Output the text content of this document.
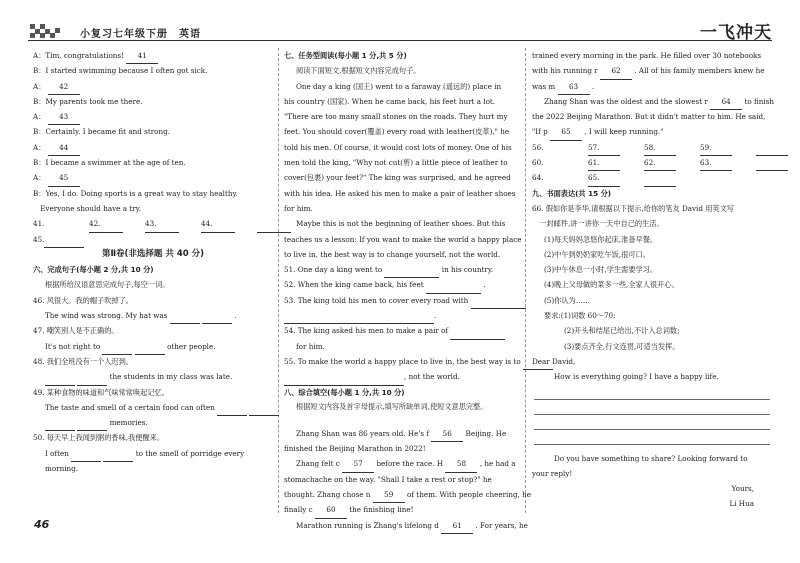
小复习七年级下册　英语	一飞冲天
A：Tim, congratulations! 41
B：I started swimming because I often got sick.
A： 42
B：My parents took me there.
A： 43
B：Certainly. I became fit and strong.
A： 44
B：I became a swimmer at the age of ten.
A： 45
B：Yes, I do. Doing sports is a great way to stay healthy.
　Everyone should have a try.
41.	42.	43.	44.
45.
第Ⅱ卷(非选择题 共 40 分)
六、完成句子(每小题 2 分,共 10 分)
根据所给汉语意思完成句子,每空一词。
46. 风很大。我的帽子吹掉了。
The wind was strong. My hat was	.
47. 嘲笑别人是不正确的。
It's not right to	other people.
48. 我们全班没有一个人迟到。
the students in my class was late.
49. 某种食物的味道和气味常常唤起记忆。
The taste and smell of a certain food can often
memories.
50. 每天早上我闻到粥的香味,我便醒来。
I often	to the smell of porridge every
morning.
七、任务型阅读(每小题 1 分,共 5 分)
阅读下面短文,根据短文内容完成句子。
One day a king (国王) went to a faraway (遥远的) place in
his country (国家). When he came back, his feet hurt a lot.
"There are too many small stones on the roads. They hurt my
feet. You should cover(覆盖) every road with leather(皮革)," he
told his men. Of course, it would cost lots of money. One of his
men told the king, "Why not cut(剪) a little piece of leather to
cover(包裹) your feet?" The king was surprised, and he agreed
with his idea. He asked his men to make a pair of leather shoes
for him.
Maybe this is not the beginning of leather shoes. But this
teaches us a lesson: If you want to make the world a happy place
to live in, the best way is to change yourself, not the world.
51. One day a king went to	in his country.
52. When the king came back, his feet	.
53. The king told his men to cover every road with
.
54. The king asked his men to make a pair of
for him.
55. To make the world a happy place to live in, the best way is to
, not the world.
八、综合填空(每小题 1 分,共 10 分)
根据短文内容及首字母提示,填写所缺单词,使短文意思完整。
Zhang Shan was 86 years old. He's f 56 Beijing. He
finished the Beijing Marathon in 2022!
Zhang felt c 57 before the race. H 58 , he had a
stomachache on the way. "Shall I take a rest or stop?" he
thought. Zhang chose n 59 of them. With people cheering, he
finally c 60 the finishing line!
Marathon running is Zhang's lifelong d 61 . For years, he
trained every morning in the park. He filled over 30 notebooks
with his running r 62 . All of his family members knew he
was m 63 .
Zhang Shan was the oldest and the slowest r 64 to finish
the 2022 Beijing Marathon. But it didn't matter to him. He said,
"If p 65 , I will keep running."
56.	57.	58.	59.
60.	61.	62.	63.
64.	65.
九、书面表达(共 15 分)
66. 假如你是李华,请根据以下提示,给你的笔友 David 用英文写
　一封邮件,讲一讲你一天中自己的生活。
(1)每天妈妈忽悠你起床,准备早餐。
(2)中午到奶奶家吃午饭,很可口。
(3)中午休息一小时,学生需要学习。
(4)晚上父母做的菜多一些,全家人很开心。
(5)你认为……
要求:(1)词数 60～70;
(2)开头和结尾已给出,不计入总词数;
(3)要点齐全,行文连贯,可适当发挥。
Dear David,
How is everything going? I have a happy life.
Do you have something to share? Looking forward to
your reply!
Yours,
Li Hua
46
